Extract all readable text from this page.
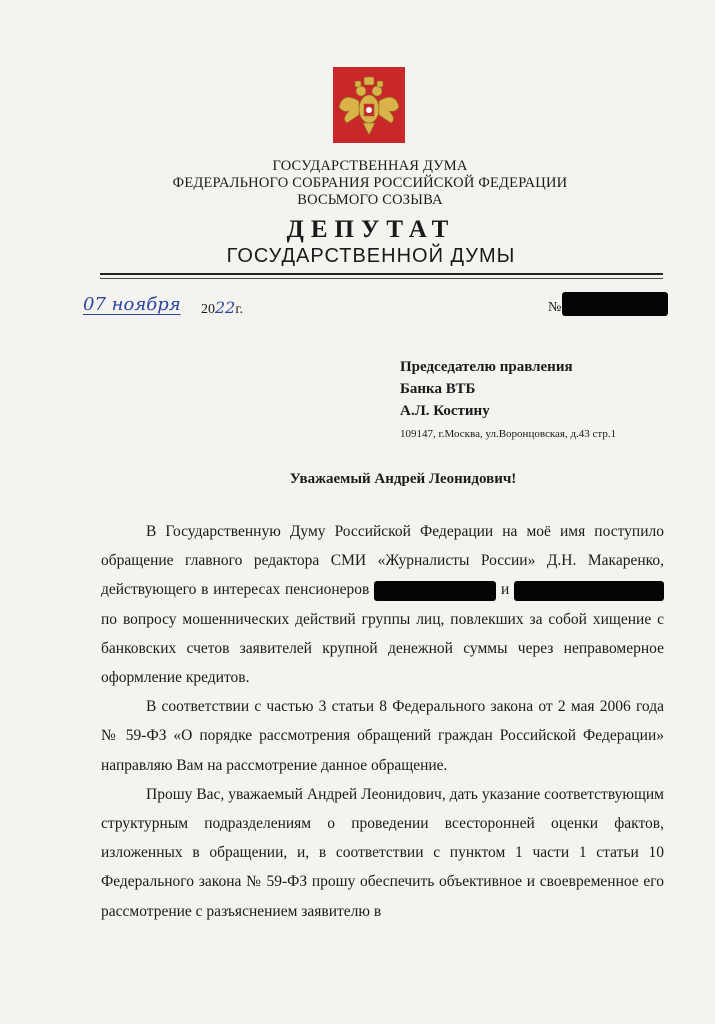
ГОСУДАРСТВЕННАЯ ДУМА
ФЕДЕРАЛЬНОГО СОБРАНИЯ РОССИЙСКОЙ ФЕДЕРАЦИИ
ВОСЬМОГО СОЗЫВА
ДЕПУТАТ
ГОСУДАРСТВЕННОЙ ДУМЫ
07 ноября 2022г.	№
Председателю правления
Банка ВТБ
А.Л. Костину
109147, г.Москва, ул.Воронцовская, д.43 стр.1
Уважаемый Андрей Леонидович!

В Государственную Думу Российской Федерации на моё имя поступило обращение главного редактора СМИ «Журналисты России» Д.Н. Макаренко, действующего в интересах пенсионеров	и  по вопросу мошеннических действий группы лиц, повлекших за собой хищение с банковских счетов заявителей крупной денежной суммы через неправомерное оформление кредитов.

В соответствии с частью 3 статьи 8 Федерального закона от 2 мая 2006 года № 59-ФЗ «О порядке рассмотрения обращений граждан Российской Федерации» направляю Вам на рассмотрение данное обращение.

Прошу Вас, уважаемый Андрей Леонидович, дать указание соответствующим структурным подразделениям о проведении всесторонней оценки фактов, изложенных в обращении, и, в соответствии с пунктом 1 части 1 статьи 10 Федерального закона № 59-ФЗ прошу обеспечить объективное и своевременное его рассмотрение с разъяснением заявителю в
